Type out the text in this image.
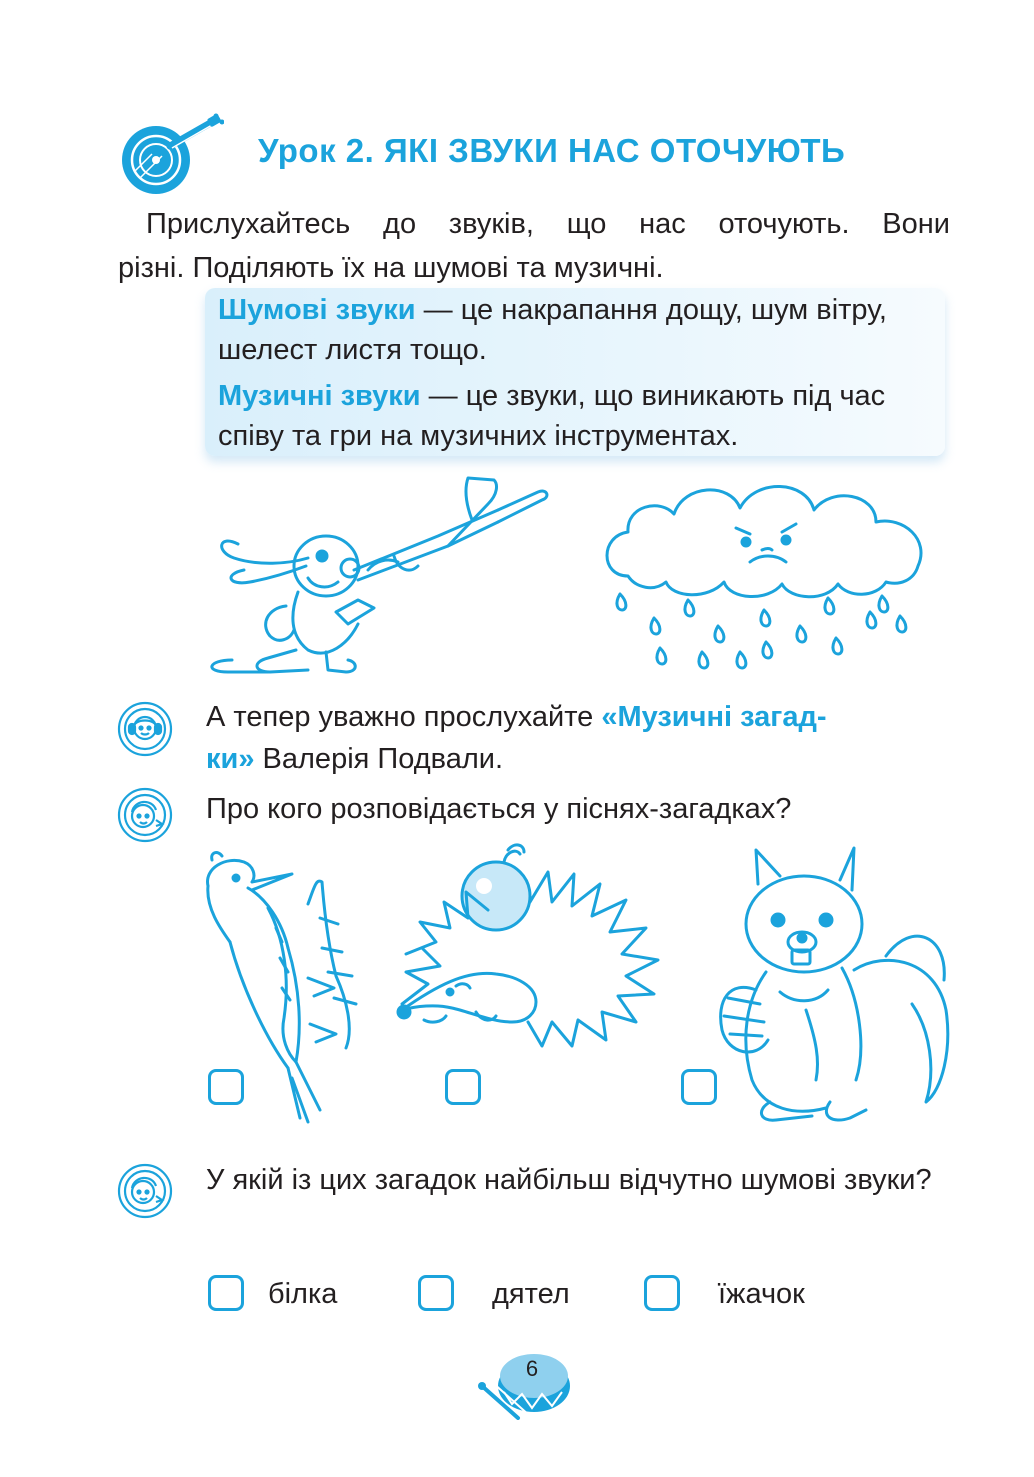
Урок 2. ЯКІ ЗВУКИ НАС ОТОЧУЮТЬ
Прислухайтесь до звуків, що нас оточують. Вони
різні. Поділяють їх на шумові та музичні.
Шумові звуки — це накрапання дощу, шум вітру, шелест листя тощо.
Музичні звуки — це звуки, що виникають під час співу та гри на музичних інструментах.
А тепер уважно прослухайте «Музичні загад-
ки» Валерія Подвали.
Про кого розповідається у піснях-загадках?
У якій із цих загадок найбільш відчутно шумові звуки?
білка	дятел	їжачок
6
